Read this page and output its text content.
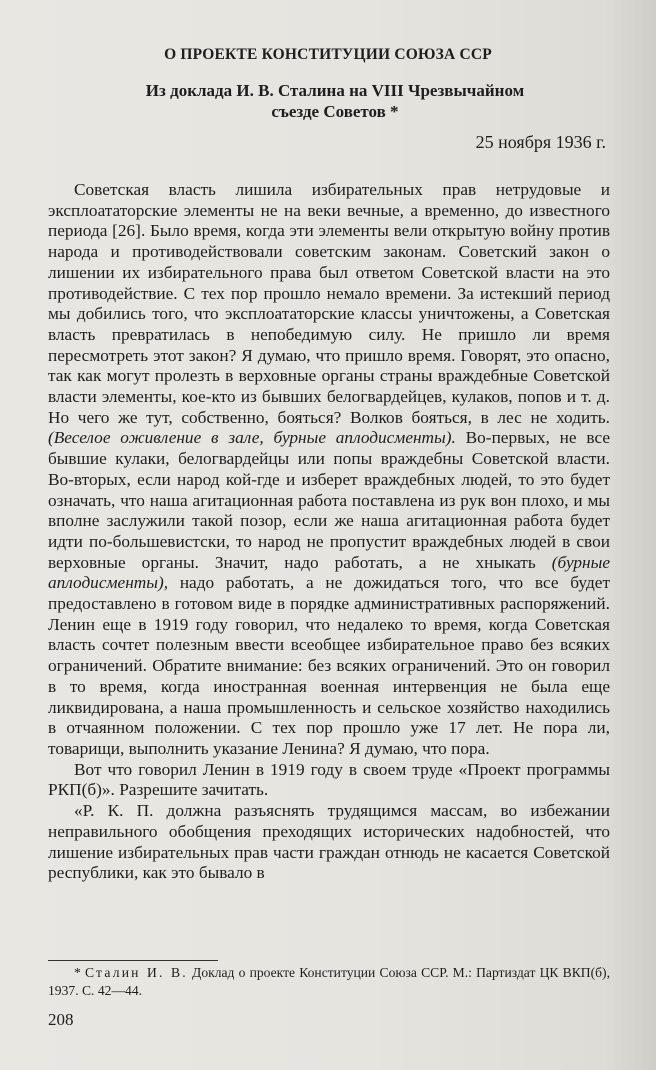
О ПРОЕКТЕ КОНСТИТУЦИИ СОЮЗА ССР
Из доклада И. В. Сталина на VIII Чрезвычайном
съезде Советов *
25 ноября 1936 г.

Советская власть лишила избирательных прав нетрудовые и эксплоататорские элементы не на веки вечные, а временно, до известного периода [26]. Было время, когда эти элементы вели открытую войну против народа и противодействовали советским законам. Советский закон о лишении их избирательного права был ответом Советской власти на это противодействие. С тех пор прошло немало времени. За истекший период мы добились того, что эксплоататорские классы уничтожены, а Советская власть превратилась в непобедимую силу. Не пришло ли время пересмотреть этот закон? Я думаю, что пришло время. Говорят, это опасно, так как могут пролезть в верховные органы страны враждебные Советской власти элементы, кое-кто из бывших белогвардейцев, кулаков, попов и т. д. Но чего же тут, собственно, бояться? Волков бояться, в лес не ходить. (Веселое оживление в зале, бурные аплодисменты). Во-первых, не все бывшие кулаки, белогвардейцы или попы враждебны Советской власти. Во-вторых, если народ кой-где и изберет враждебных людей, то это будет означать, что наша агитационная работа поставлена из рук вон плохо, и мы вполне заслужили такой позор, если же наша агитационная работа будет идти по-большевистски, то народ не пропустит враждебных людей в свои верховные органы. Значит, надо работать, а не хныкать (бурные аплодисменты), надо работать, а не дожидаться того, что все будет предоставлено в готовом виде в порядке административных распоряжений. Ленин еще в 1919 году говорил, что недалеко то время, когда Советская власть сочтет полезным ввести всеобщее избирательное право без всяких ограничений. Обратите внимание: без всяких ограничений. Это он говорил в то время, когда иностранная военная интервенция не была еще ликвидирована, а наша промышленность и сельское хозяйство находились в отчаянном положении. С тех пор прошло уже 17 лет. Не пора ли, товарищи, выполнить указание Ленина? Я думаю, что пора.

Вот что говорил Ленин в 1919 году в своем труде «Проект программы РКП(б)». Разрешите зачитать.

«Р. К. П. должна разъяснять трудящимся массам, во избежании неправильного обобщения преходящих исторических надобностей, что лишение избирательных прав части граждан отнюдь не касается Советской республики, как это бывало в

* Сталин И. В. Доклад о проекте Конституции Союза ССР. М.: Партиздат ЦК ВКП(б), 1937. С. 42—44.
208
